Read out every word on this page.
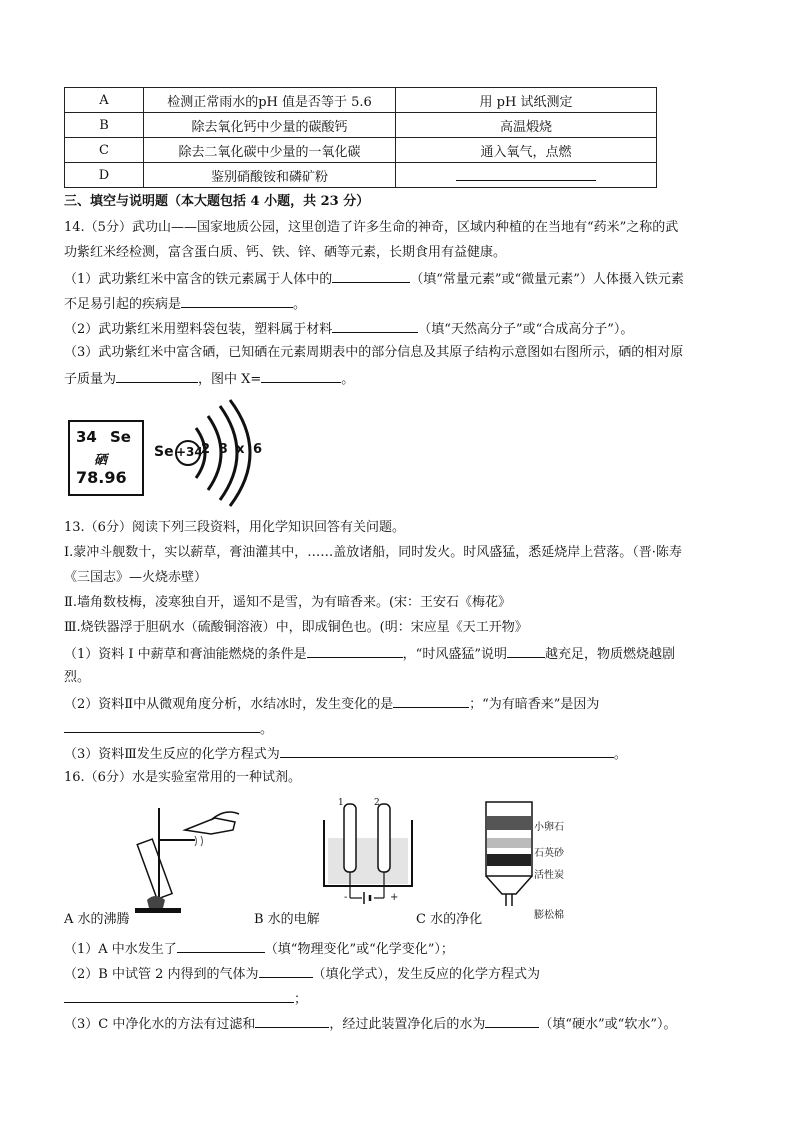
A	检测正常雨水的pH 值是否等于 5.6	用 pH 试纸测定
B	除去氧化钙中少量的碳酸钙	高温煅烧
C	除去二氧化碳中少量的一氧化碳	通入氧气，点燃
D	鉴别硝酸铵和磷矿粉	
三、填空与说明题（本大题包括 4 小题，共 23 分）
14.（5分）武功山——国家地质公园，这里创造了许多生命的神奇，区域内种植的在当地有“药米”之称的武
功紫红米经检测，富含蛋白质、钙、铁、锌、硒等元素，长期食用有益健康。
（1）武功紫红米中富含的铁元素属于人体中的	（填“常量元素”或“微量元素”）人体摄入铁元素
不足易引起的疾病是	。
（2）武功紫红米用塑料袋包装，塑料属于材料	（填“天然高分子”或“合成高分子”）。
（3）武功紫红米中富含硒，已知硒在元素周期表中的部分信息及其原子结构示意图如右图所示，硒的相对原
子质量为	，图中 X=	。
34 Se
硒
78.96
Se +34
2 8 x 6
13.（6分）阅读下列三段资料，用化学知识回答有关问题。
I.蒙冲斗舰数十，实以薪草，膏油灌其中，……盖放诸船，同时发火。时风盛猛，悉延烧岸上营落。（晋·陈寿
《三国志》—火烧赤壁）
Ⅱ.墙角数枝梅，凌寒独自开，遥知不是雪，为有暗香来。(宋：王安石《梅花》
Ⅲ.烧铁器浮于胆矾水（硫酸铜溶液）中，即成铜色也。(明：宋应星《天工开物》
（1）资料 I 中薪草和膏油能燃烧的条件是	，“时风盛猛”说明	越充足，物质燃烧越剧
烈。
（2）资料Ⅱ中从微观角度分析，水结冰时，发生变化的是	；“为有暗香来”是因为
。
（3）资料Ⅲ发生反应的化学方程式为	。
16.（6分）水是实验室常用的一种试剂。
A 水的沸腾
1	2
-	+
B 水的电解
小卵石
石英砂
活性炭
膨松棉
C 水的净化
（1）A 中水发生了	（填“物理变化”或“化学变化”）；
（2）B 中试管 2 内得到的气体为	（填化学式），发生反应的化学方程式为
；
（3）C 中净化水的方法有过滤和	，经过此装置净化后的水为	（填“硬水”或“软水”）。
